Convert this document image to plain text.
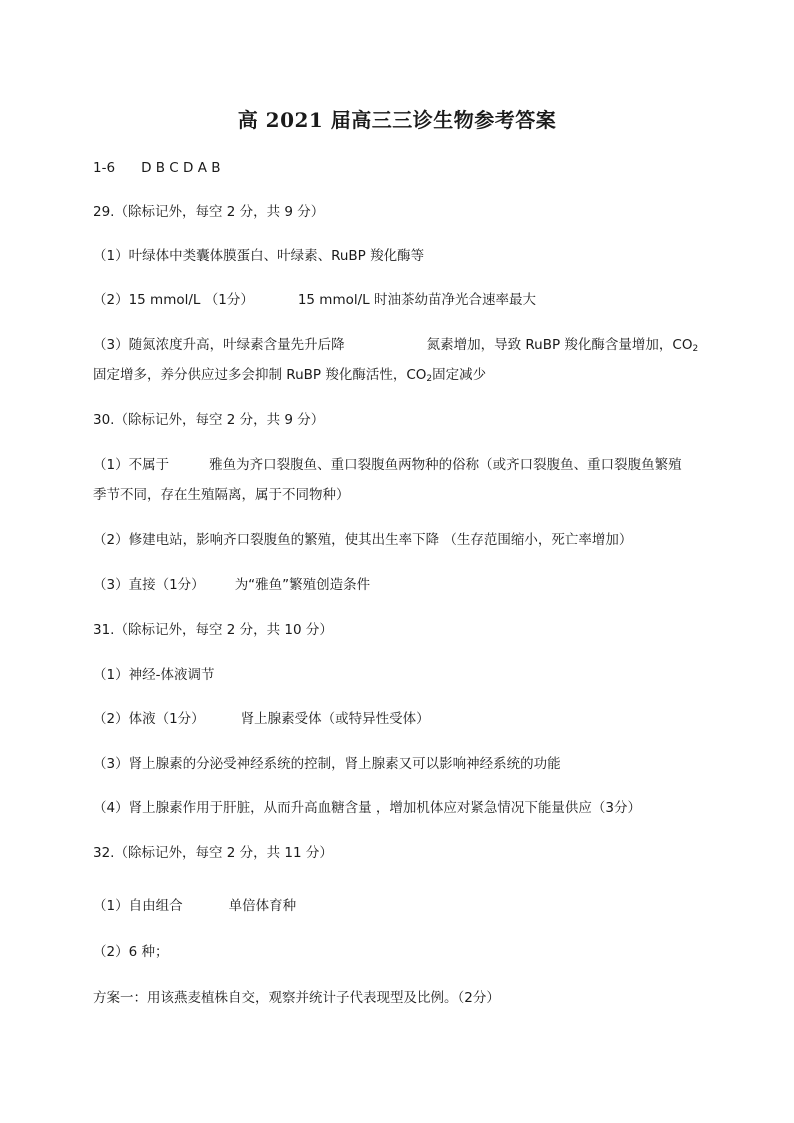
高 2021 届高三三诊生物参考答案
1-6 D B C D A B
29.（除标记外，每空 2 分，共 9 分）
（1）叶绿体中类囊体膜蛋白、叶绿素、RuBP 羧化酶等
（2）15 mmol/L （1分）	15 mmol/L 时油茶幼苗净光合速率最大
（3）随氮浓度升高，叶绿素含量先升后降	氮素增加，导致 RuBP 羧化酶含量增加，$CO_2$
固定增多，养分供应过多会抑制 RuBP 羧化酶活性，$CO_2$固定减少
30.（除标记外，每空 2 分，共 9 分）
（1）不属于	雅鱼为齐口裂腹鱼、重口裂腹鱼两物种的俗称（或齐口裂腹鱼、重口裂腹鱼繁殖
季节不同，存在生殖隔离，属于不同物种）
（2）修建电站，影响齐口裂腹鱼的繁殖，使其出生率下降 （生存范围缩小，死亡率增加）
（3）直接（1分） 为“雅鱼”繁殖创造条件
31.（除标记外，每空 2 分，共 10 分）
（1）神经-体液调节
（2）体液（1分）	肾上腺素受体（或特异性受体）
（3）肾上腺素的分泌受神经系统的控制，肾上腺素又可以影响神经系统的功能
（4）肾上腺素作用于肝脏，从而升高血糖含量 ，增加机体应对紧急情况下能量供应（3分）
32.（除标记外，每空 2 分，共 11 分）
（1）自由组合	单倍体育种
（2）6 种；
方案一：用该燕麦植株自交，观察并统计子代表现型及比例。（2分）
